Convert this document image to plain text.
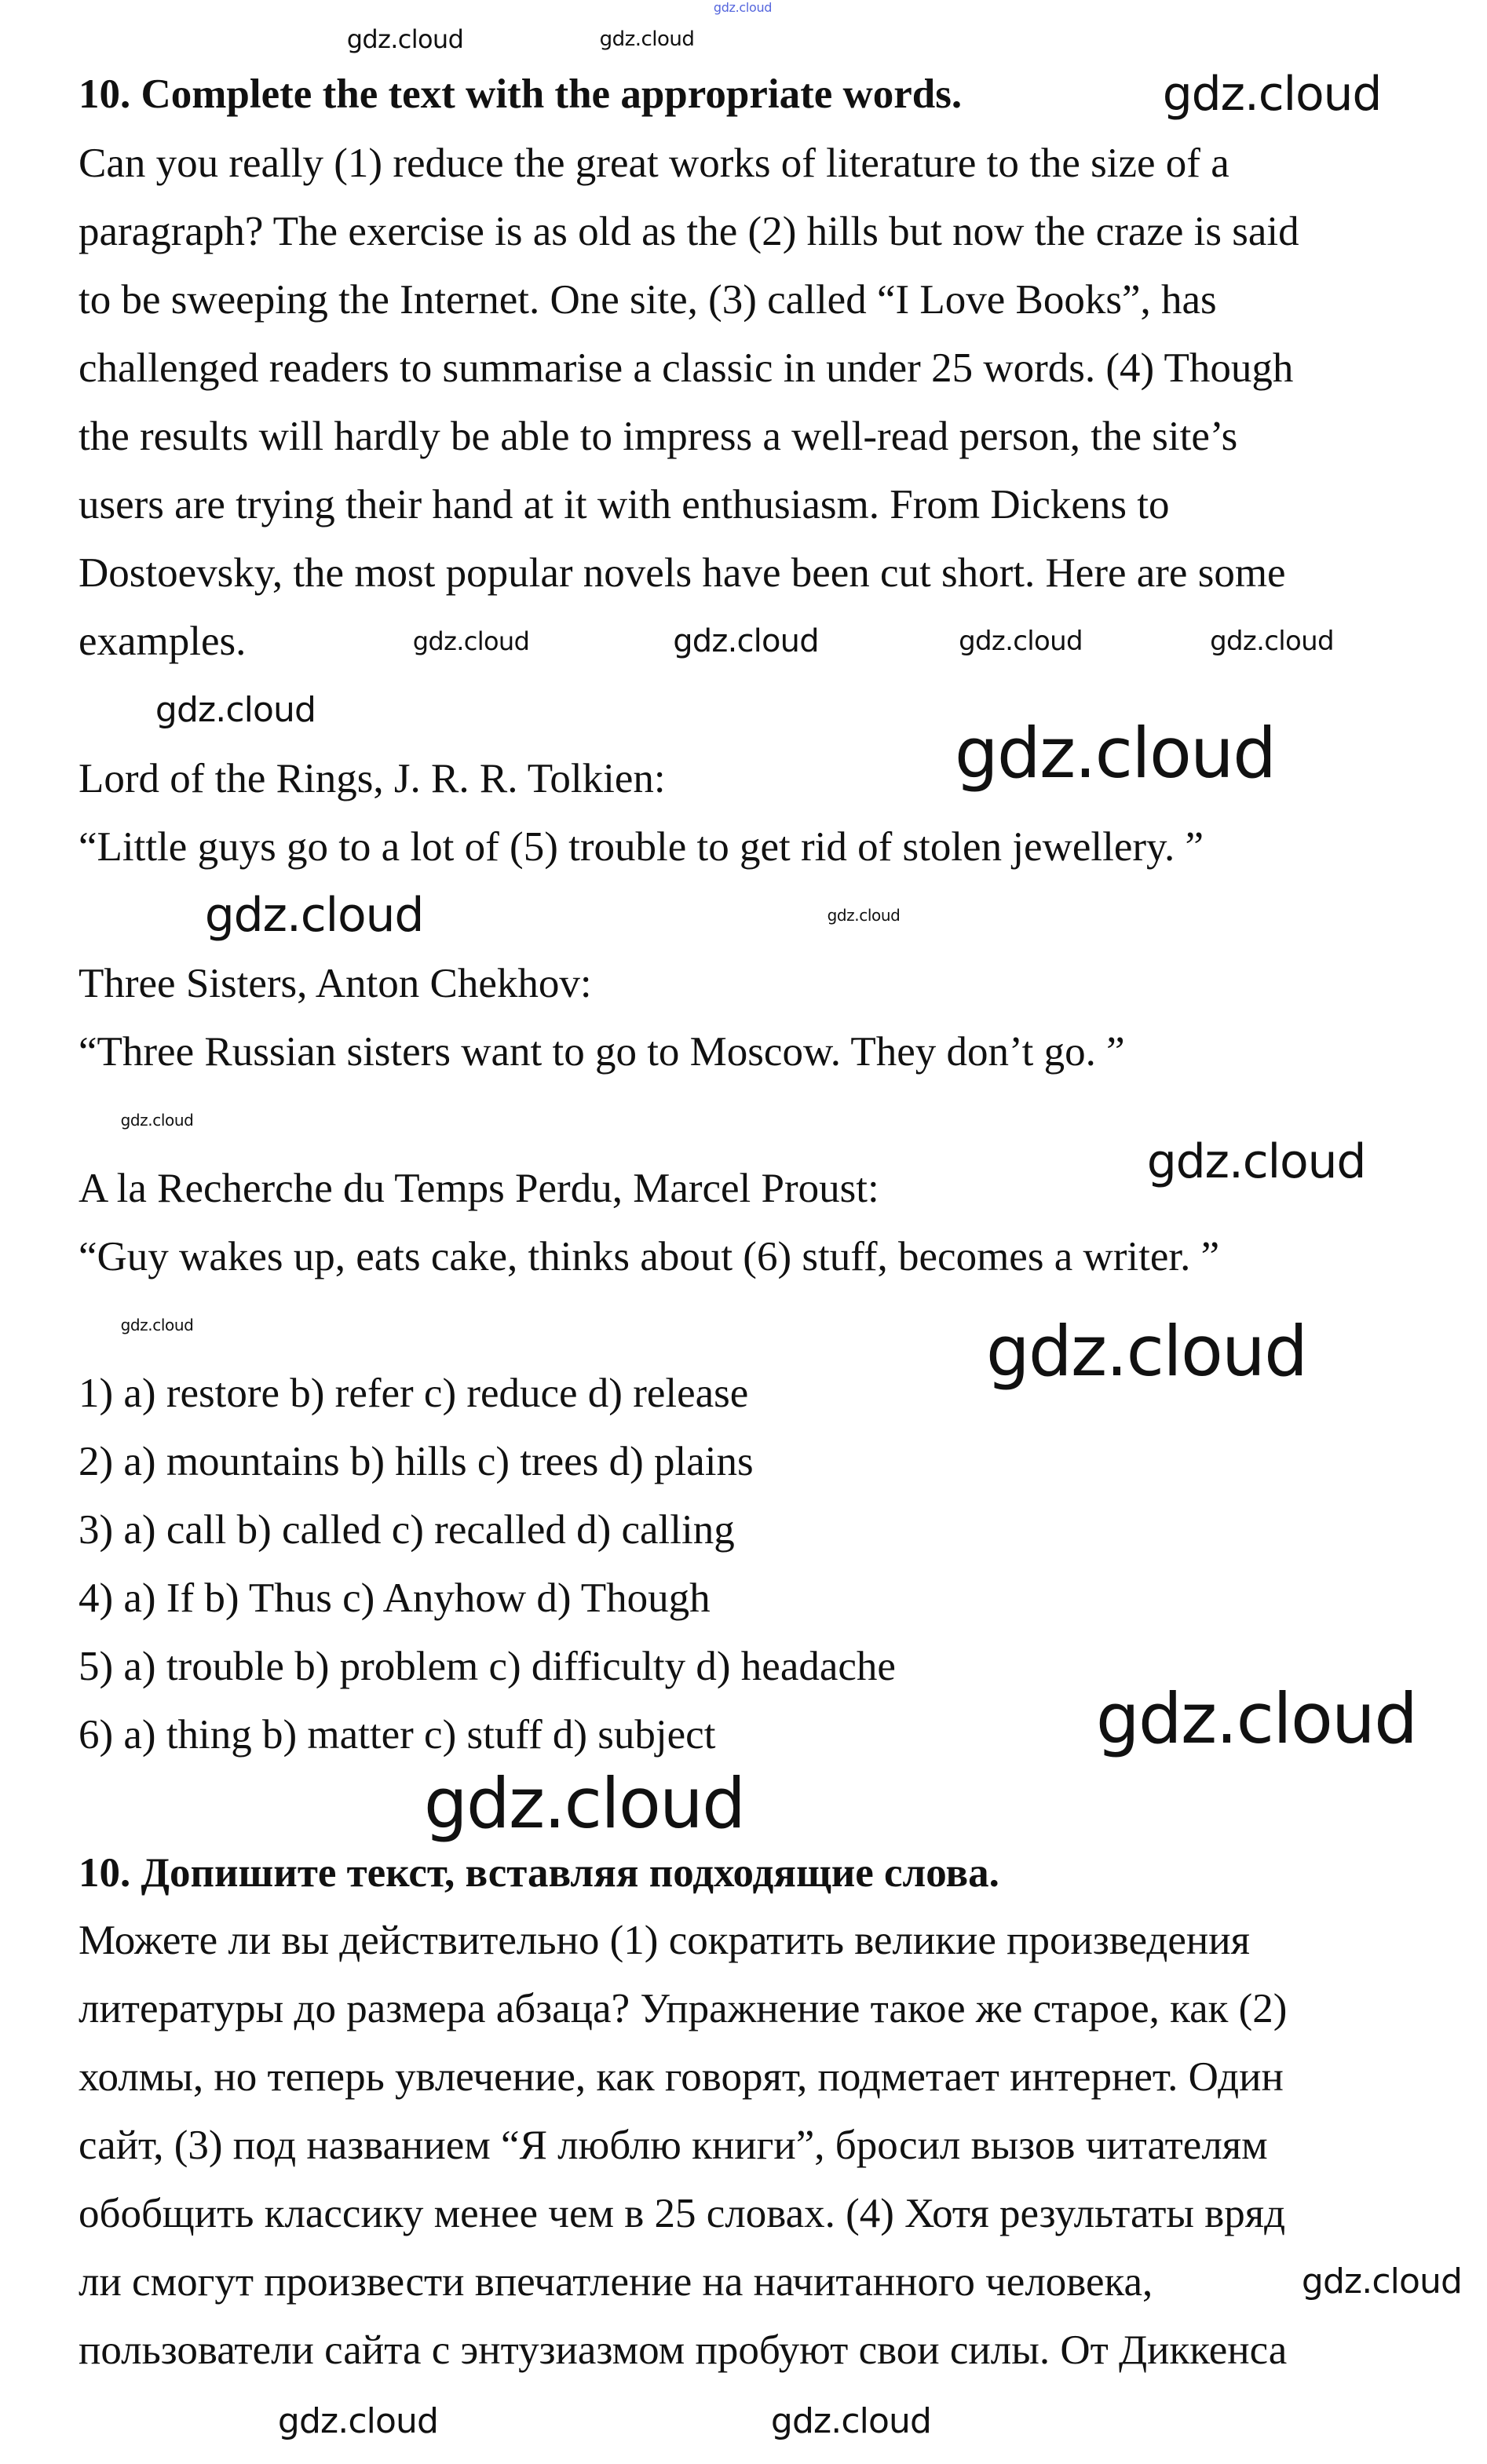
10. Complete the text with the appropriate words.
Can you really (1) reduce the great works of literature to the size of a
paragraph? The exercise is as old as the (2) hills but now the craze is said
to be sweeping the Internet. One site, (3) called “I Love Books”, has
challenged readers to summarise a classic in under 25 words. (4) Though
the results will hardly be able to impress a well-read person, the site’s
users are trying their hand at it with enthusiasm. From Dickens to
Dostoevsky, the most popular novels have been cut short. Here are some
examples.
Lord of the Rings, J. R. R. Tolkien:
“Little guys go to a lot of (5) trouble to get rid of stolen jewellery. ”
Three Sisters, Anton Chekhov:
“Three Russian sisters want to go to Moscow. They don’t go. ”
A la Recherche du Temps Perdu, Marcel Proust:
“Guy wakes up, eats cake, thinks about (6) stuff, becomes a writer. ”
1) a) restore b) refer c) reduce d) release
2) a) mountains b) hills c) trees d) plains
3) a) call b) called c) recalled d) calling
4) a) If b) Thus c) Anyhow d) Though
5) a) trouble b) problem c) difficulty d) headache
6) a) thing b) matter c) stuff d) subject
10. Допишите текст, вставляя подходящие слова.
Можете ли вы действительно (1) сократить великие произведения
литературы до размера абзаца? Упражнение такое же старое, как (2)
холмы, но теперь увлечение, как говорят, подметает интернет. Один
сайт, (3) под названием “Я люблю книги”, бросил вызов читателям
обобщить классику менее чем в 25 словах. (4) Хотя результаты вряд
ли смогут произвести впечатление на начитанного человека,
пользователи сайта с энтузиазмом пробуют свои силы. От Диккенса
gdz.cloud
gdz.cloud
gdz.cloud	gdz.cloud
gdz.cloud	gdz.cloud	gdz.cloud	gdz.cloud
gdz.cloud
gdz.cloud
gdz.cloud
gdz.cloud
gdz.cloud
gdz.cloud
gdz.cloud
gdz.cloud
gdz.cloud
gdz.cloud
gdz.cloud
gdz.cloud	gdz.cloud
